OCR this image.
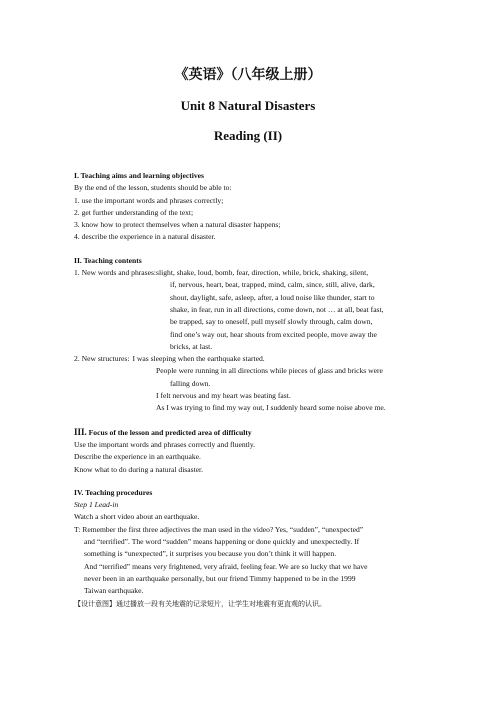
《英语》（八年级上册）

Unit 8 Natural Disasters

Reading (II)

I. Teaching aims and learning objectives

By the end of the lesson, students should be able to:

1. use the important words and phrases correctly;

2. get further understanding of the text;

3. know how to protect themselves when a natural disaster happens;

4. describe the experience in a natural disaster.

II. Teaching contents

1. New words and phrases: slight, shake, loud, bomb, fear, direction, while, brick, shaking, silent,

if, nervous, heart, beat, trapped, mind, calm, since, still, alive, dark,

shout, daylight, safe, asleep, after, a loud noise like thunder, start to

shake, in fear, run in all directions, come down, not … at all, beat fast,

be trapped, say to oneself, pull myself slowly through, calm down,

find one’s way out, hear shouts from excited people, move away the

bricks, at last.

2. New structures: I was sleeping when the earthquake started.

People were running in all directions while pieces of glass and bricks were

falling down.

I felt nervous and my heart was beating fast.

As I was trying to find my way out, I suddenly heard some noise above me.

III. Focus of the lesson and predicted area of difficulty

Use the important words and phrases correctly and fluently.

Describe the experience in an earthquake.

Know what to do during a natural disaster.

IV. Teaching procedures

Step 1 Lead-in

Watch a short video about an earthquake.

T: Remember the first three adjectives the man used in the video? Yes, “sudden”, “unexpected”

and “terrified”. The word “sudden” means happening or done quickly and unexpectedly. If

something is “unexpected”, it surprises you because you don’t think it will happen.

And “terrified” means very frightened, very afraid, feeling fear. We are so lucky that we have

never been in an earthquake personally, but our friend Timmy happened to be in the 1999

Taiwan earthquake.

【设计意图】通过播放一段有关地震的记录短片，让学生对地震有更直观的认识。
